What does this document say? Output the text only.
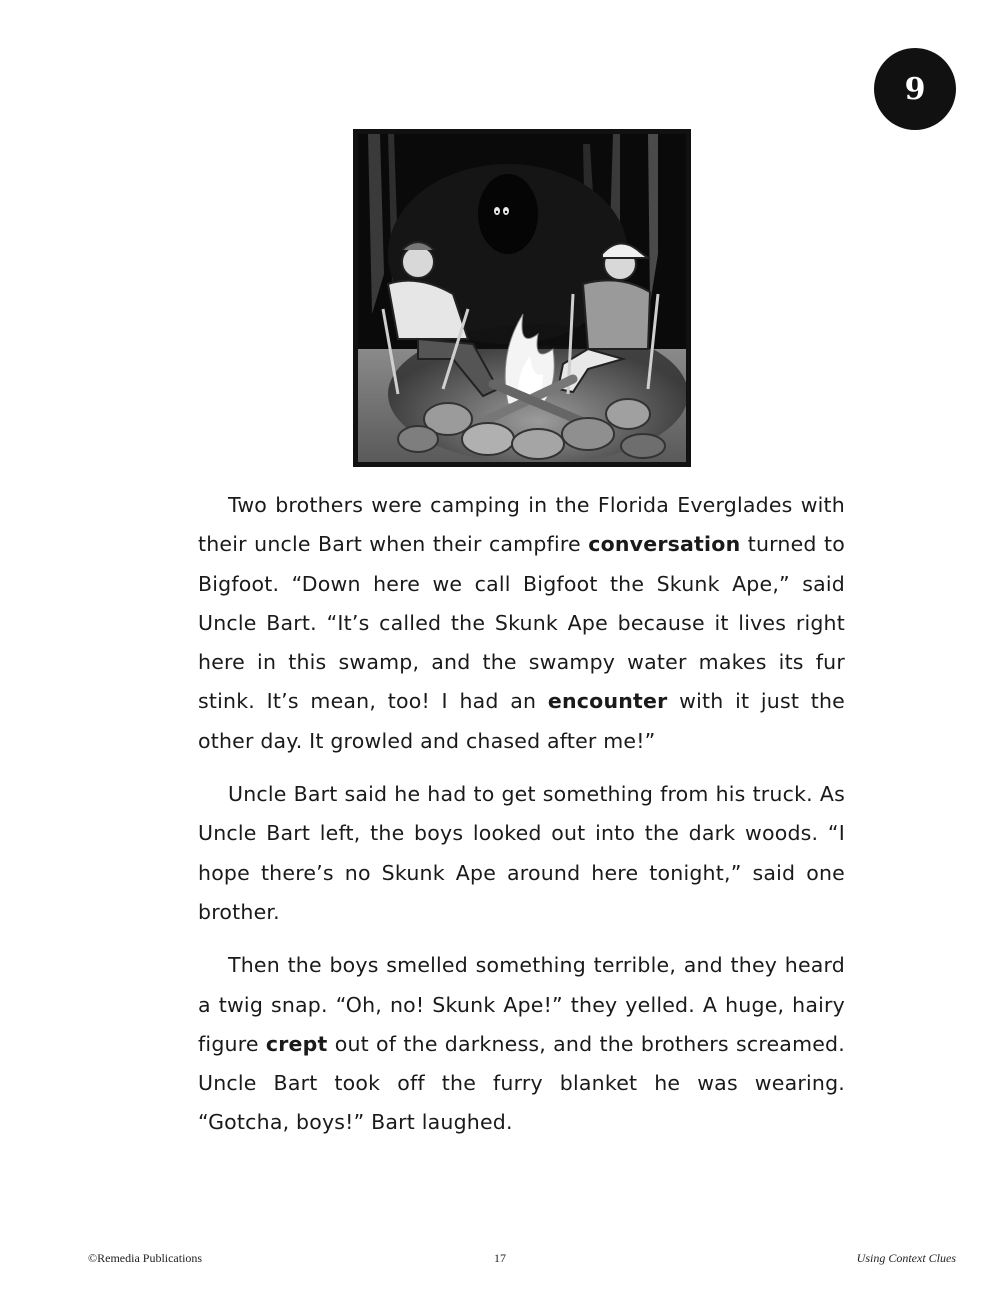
9

Two brothers were camping in the Florida Everglades with their uncle Bart when their campfire conversation turned to Bigfoot. “Down here we call Bigfoot the Skunk Ape,” said Uncle Bart. “It’s called the Skunk Ape because it lives right here in this swamp, and the swampy water makes its fur stink. It’s mean, too! I had an encounter with it just the other day. It growled and chased after me!”

Uncle Bart said he had to get something from his truck. As Uncle Bart left, the boys looked out into the dark woods. “I hope there’s no Skunk Ape around here tonight,” said one brother.

Then the boys smelled something terrible, and they heard a twig snap. “Oh, no! Skunk Ape!” they yelled. A huge, hairy figure crept out of the darkness, and the brothers screamed. Uncle Bart took off the furry blanket he was wearing. “Gotcha, boys!” Bart laughed.

©Remedia Publications	17	Using Context Clues
